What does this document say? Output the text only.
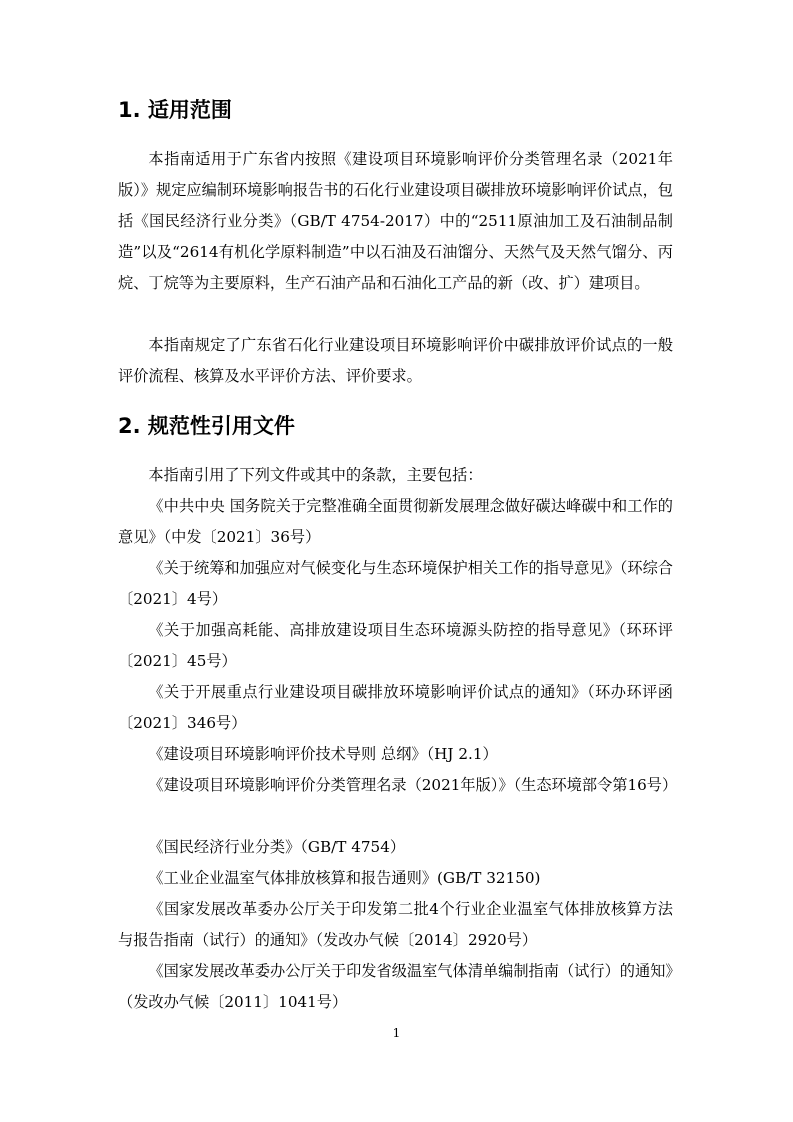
1. 适用范围

本指南适用于广东省内按照《建设项目环境影响评价分类管理名录（2021年版）》规定应编制环境影响报告书的石化行业建设项目碳排放环境影响评价试点，包括《国民经济行业分类》（GB/T 4754-2017）中的“2511原油加工及石油制品制造”以及“2614有机化学原料制造”中以石油及石油馏分、天然气及天然气馏分、丙烷、丁烷等为主要原料，生产石油产品和石油化工产品的新（改、扩）建项目。

本指南规定了广东省石化行业建设项目环境影响评价中碳排放评价试点的一般评价流程、核算及水平评价方法、评价要求。

2. 规范性引用文件

本指南引用了下列文件或其中的条款，主要包括：

《中共中央 国务院关于完整准确全面贯彻新发展理念做好碳达峰碳中和工作的意见》（中发〔2021〕36号）

《关于统筹和加强应对气候变化与生态环境保护相关工作的指导意见》（环综合〔2021〕4号）

《关于加强高耗能、高排放建设项目生态环境源头防控的指导意见》（环环评〔2021〕45号）

《关于开展重点行业建设项目碳排放环境影响评价试点的通知》（环办环评函〔2021〕346号）

《建设项目环境影响评价技术导则 总纲》（HJ 2.1）

《建设项目环境影响评价分类管理名录（2021年版）》（生态环境部令第16号）

《国民经济行业分类》（GB/T 4754）

《工业企业温室气体排放核算和报告通则》(GB/T 32150)

《国家发展改革委办公厅关于印发第二批4个行业企业温室气体排放核算方法与报告指南（试行）的通知》（发改办气候〔2014〕2920号）

《国家发展改革委办公厅关于印发省级温室气体清单编制指南（试行）的通知》（发改办气候〔2011〕1041号）

1
